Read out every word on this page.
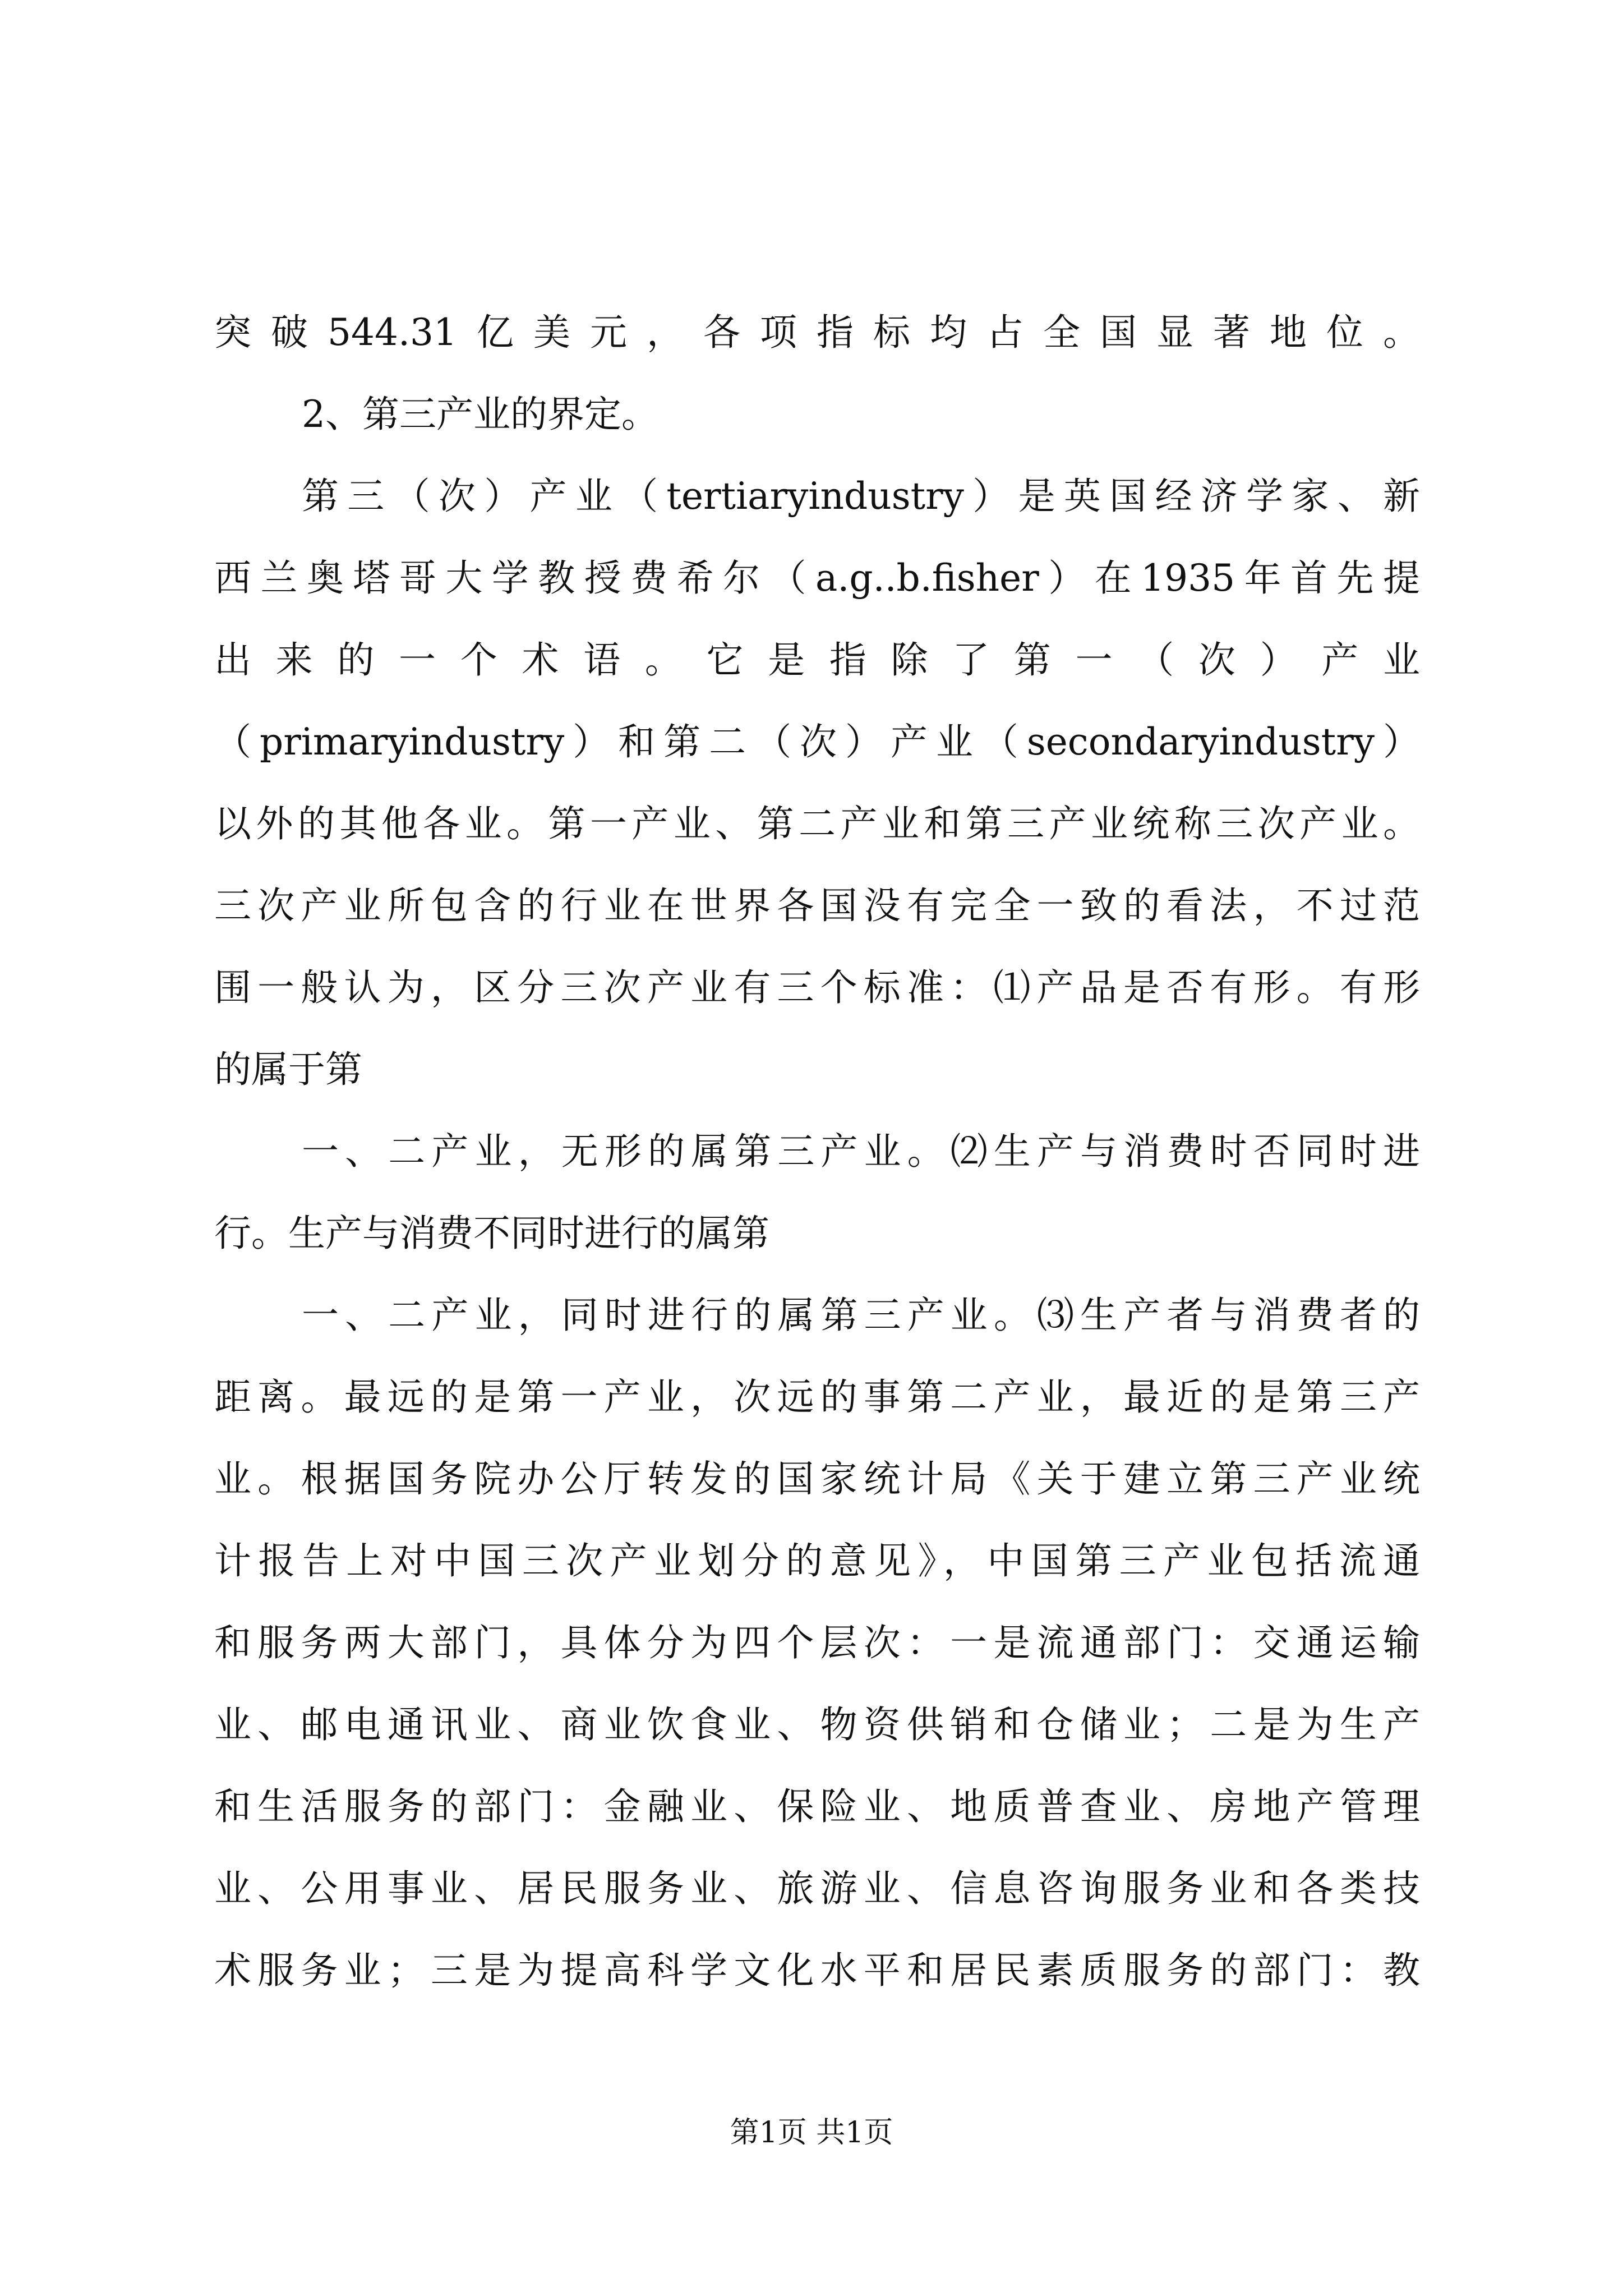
突破544.31亿美元，各项指标均占全国显著地位。
2、第三产业的界定。
第三（次）产业（tertiaryindustry）是英国经济学家、新
西兰奥塔哥大学教授费希尔（a.g..b.fisher）在1935年首先提
出 来 的 一 个 术 语 。 它 是 指 除 了 第 一 （ 次 ） 产 业
（primaryindustry）和第二（次）产业（secondaryindustry）
以外的其他各业。第一产业、第二产业和第三产业统称三次产业。
三次产业所包含的行业在世界各国没有完全一致的看法，不过范
围一般认为，区分三次产业有三个标准：⑴产品是否有形。有形
的属于第
一、二产业，无形的属第三产业。⑵生产与消费时否同时进
行。生产与消费不同时进行的属第
一、二产业，同时进行的属第三产业。⑶生产者与消费者的
距离。最远的是第一产业，次远的事第二产业，最近的是第三产
业。根据国务院办公厅转发的国家统计局《关于建立第三产业统
计报告上对中国三次产业划分的意见》，中国第三产业包括流通
和服务两大部门，具体分为四个层次：一是流通部门：交通运输
业、邮电通讯业、商业饮食业、物资供销和仓储业；二是为生产
和生活服务的部门：金融业、保险业、地质普查业、房地产管理
业、公用事业、居民服务业、旅游业、信息咨询服务业和各类技
术服务业；三是为提高科学文化水平和居民素质服务的部门：教
第1页 共1页
